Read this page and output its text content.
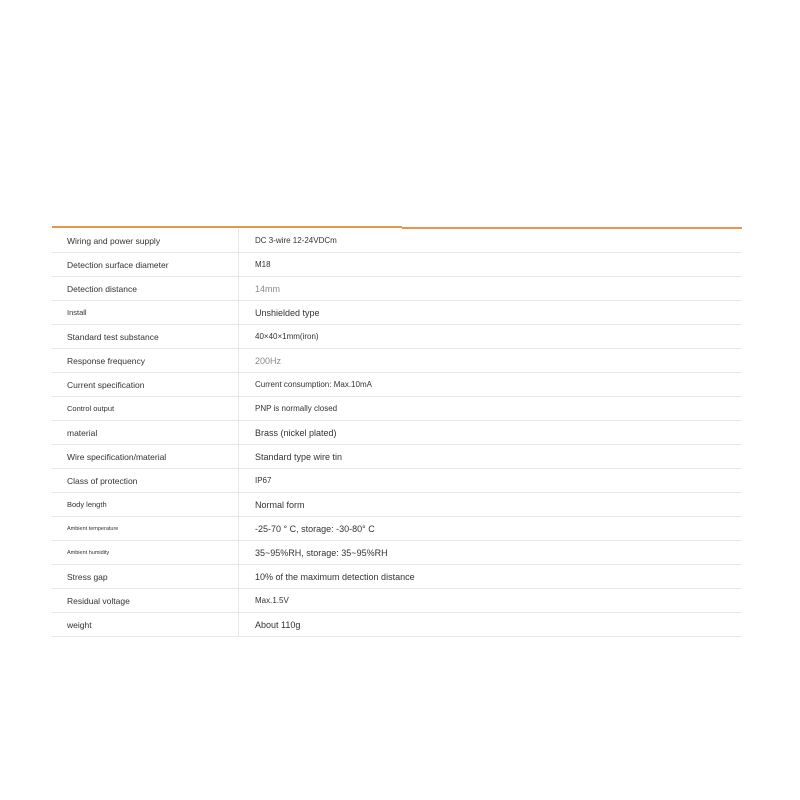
Wiring and power supply	DC 3-wire 12-24VDCm
Detection surface diameter	M18
Detection distance	14mm
Install	Unshielded type
Standard test substance	40×40×1mm(iron)
Response frequency	200Hz
Current specification	Current consumption: Max.10mA
Control output	PNP is normally closed
material	Brass (nickel plated)
Wire specification/material	Standard type wire tin
Class of protection	IP67
Body length	Normal form
Ambient temperature	-25-70 ° C, storage: -30-80° C
Ambient humidity	35~95%RH, storage: 35~95%RH
Stress gap	10% of the maximum detection distance
Residual voltage	Max.1.5V
weight	About 110g
